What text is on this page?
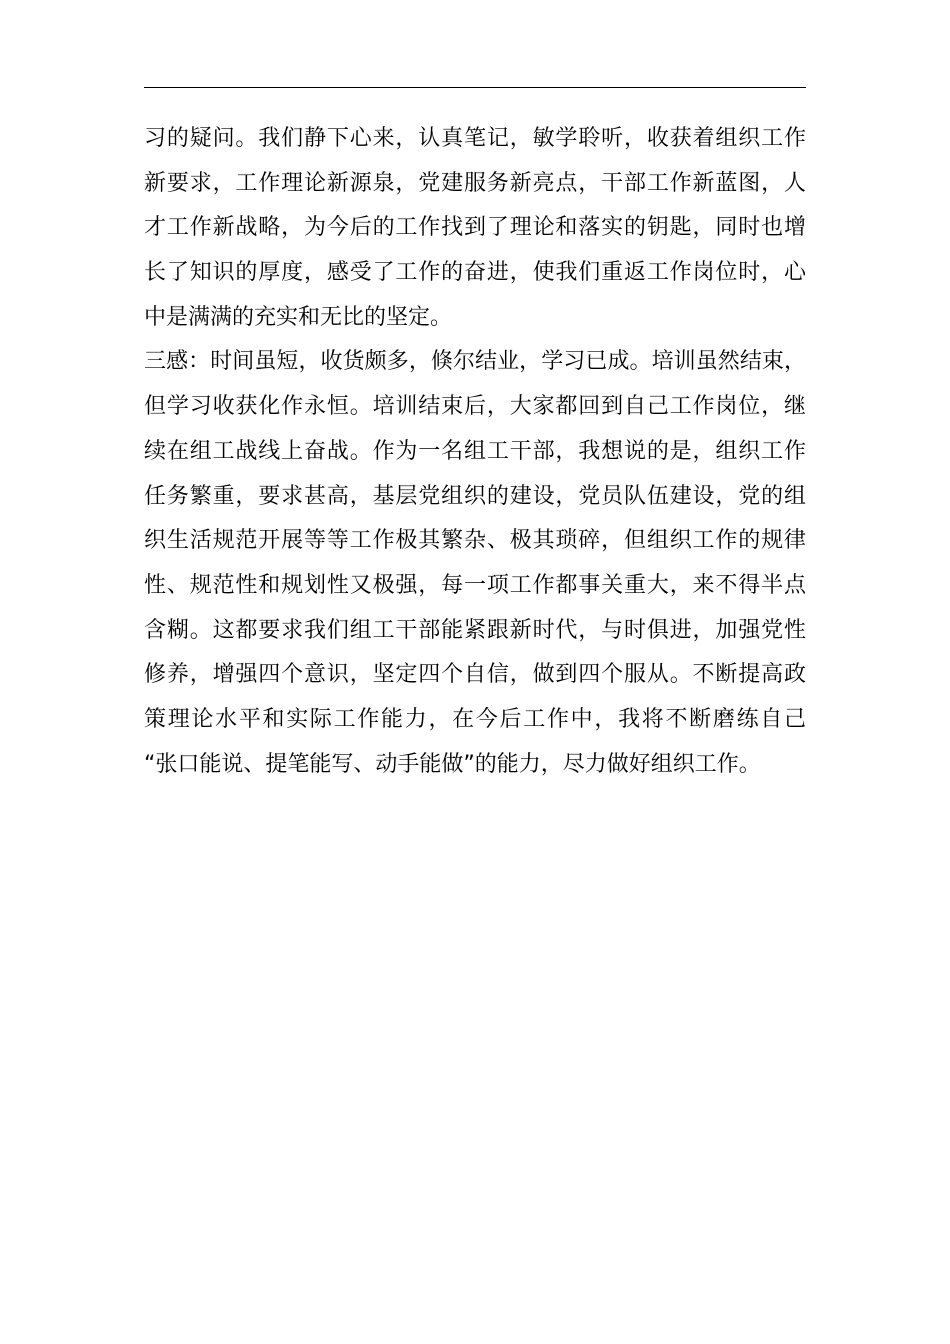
习的疑问。我们静下心来，认真笔记，敏学聆听，收获着组织工作
新要求，工作理论新源泉，党建服务新亮点，干部工作新蓝图，人
才工作新战略，为今后的工作找到了理论和落实的钥匙，同时也增
长了知识的厚度，感受了工作的奋进，使我们重返工作岗位时，心
中是满满的充实和无比的坚定。
三感：时间虽短，收货颇多，倏尔结业，学习已成。培训虽然结束，
但学习收获化作永恒。培训结束后，大家都回到自己工作岗位，继
续在组工战线上奋战。作为一名组工干部，我想说的是，组织工作
任务繁重，要求甚高，基层党组织的建设，党员队伍建设，党的组
织生活规范开展等等工作极其繁杂、极其琐碎，但组织工作的规律
性、规范性和规划性又极强，每一项工作都事关重大，来不得半点
含糊。这都要求我们组工干部能紧跟新时代，与时俱进，加强党性
修养，增强四个意识，坚定四个自信，做到四个服从。不断提高政
策理论水平和实际工作能力，在今后工作中，我将不断磨练自己
“张口能说、提笔能写、动手能做”的能力，尽力做好组织工作。
